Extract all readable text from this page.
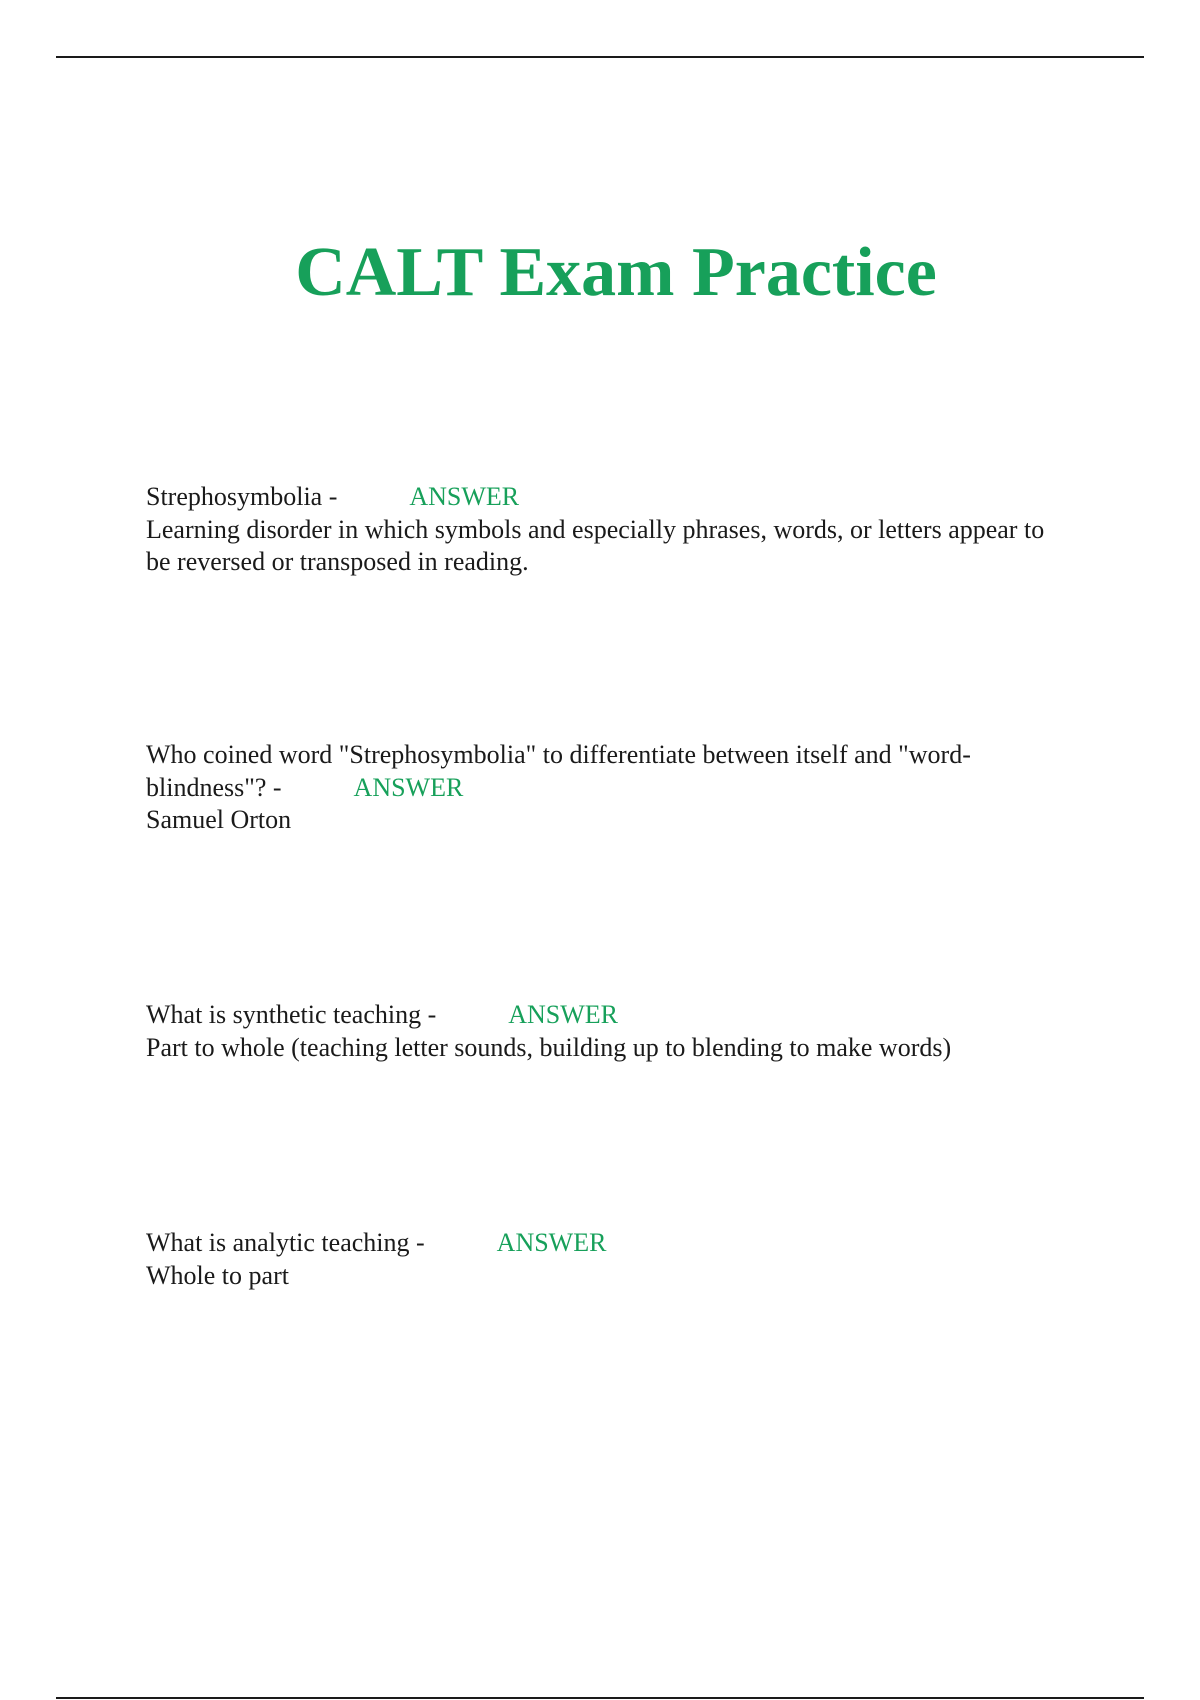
CALT Exam Practice
Strephosymbolia -	ANSWER
Learning disorder in which symbols and especially phrases, words, or letters appear to be reversed or transposed in reading.
Who coined word "Strephosymbolia" to differentiate between itself and "word-blindness"? -	ANSWER
Samuel Orton
What is synthetic teaching -	ANSWER
Part to whole (teaching letter sounds, building up to blending to make words)
What is analytic teaching -	ANSWER
Whole to part
